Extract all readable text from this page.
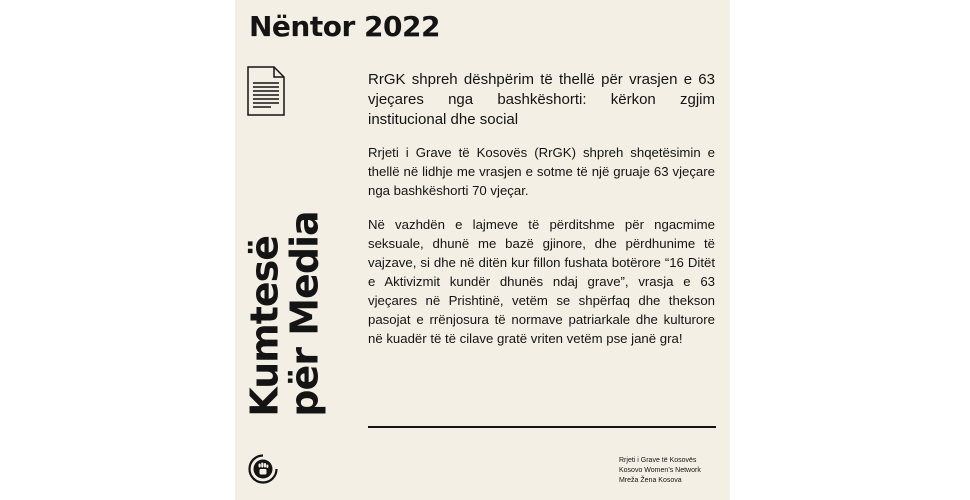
Nëntor 2022
Kumtesë
për Media

RrGK shpreh dëshpërim të thellë për vrasjen e 63 vjeçares nga bashkëshorti: kërkon zgjim institucional dhe social

Rrjeti i Grave të Kosovës (RrGK) shpreh shqetësimin e thellë në lidhje me vrasjen e sotme të një gruaje 63 vjeçare nga bashkëshorti 70 vjeçar.

Në vazhdën e lajmeve të përditshme për ngacmime seksuale, dhunë me bazë gjinore, dhe përdhunime të vajzave, si dhe në ditën kur fillon fushata botërore “16 Ditët e Aktivizmit kundër dhunës ndaj grave”, vrasja e 63 vjeçares në Prishtinë, vetëm se shpërfaq dhe thekson pasojat e rrënjosura të normave patriarkale dhe kulturore në kuadër të të cilave gratë vriten vetëm pse janë gra!

Rrjeti i Grave të Kosovës
Kosovo Women’s Network
Mreža Žena Kosova
